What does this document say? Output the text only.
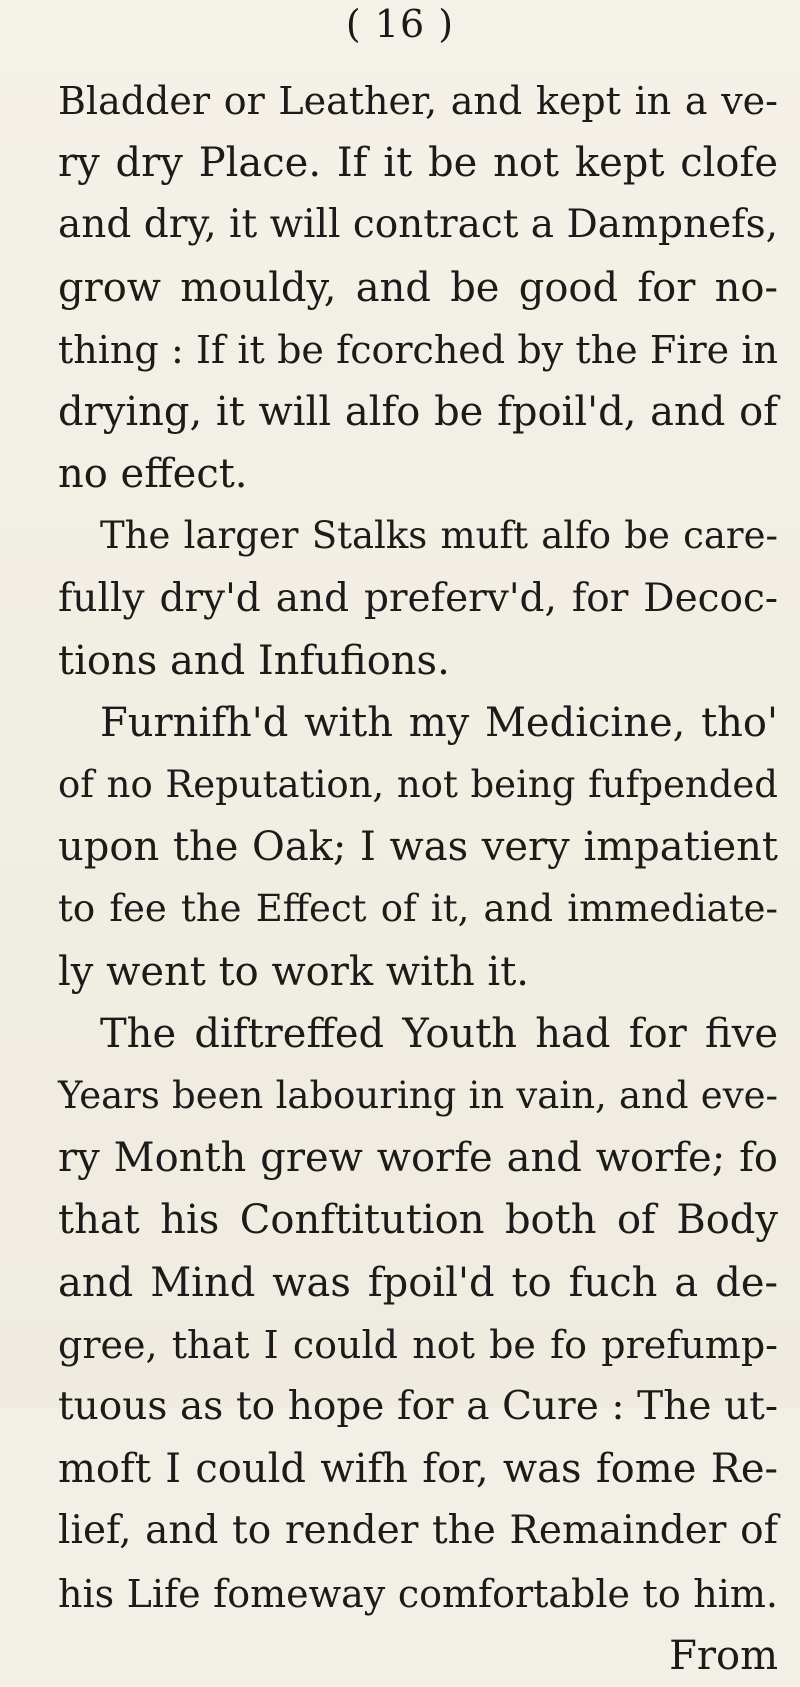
( 16 )
Bladder or Leather, and kept in a ve-
ry dry Place. If it be not kept clofe
and dry, it will contract a Dampnefs,
grow mouldy, and be good for no-
thing : If it be fcorched by the Fire in
drying, it will alfo be fpoil'd, and of
no effect.
The larger Stalks muft alfo be care-
fully dry'd and preferv'd, for Decoc-
tions and Infufions.
Furnifh'd with my Medicine, tho'
of no Reputation, not being fufpended
upon the Oak; I was very impatient
to fee the Effect of it, and immediate-
ly went to work with it.
The diftreffed Youth had for five
Years been labouring in vain, and eve-
ry Month grew worfe and worfe; fo
that his Conftitution both of Body
and Mind was fpoil'd to fuch a de-
gree, that I could not be fo prefump-
tuous as to hope for a Cure : The ut-
moft I could wifh for, was fome Re-
lief, and to render the Remainder of
his Life fomeway comfortable to him.
From
